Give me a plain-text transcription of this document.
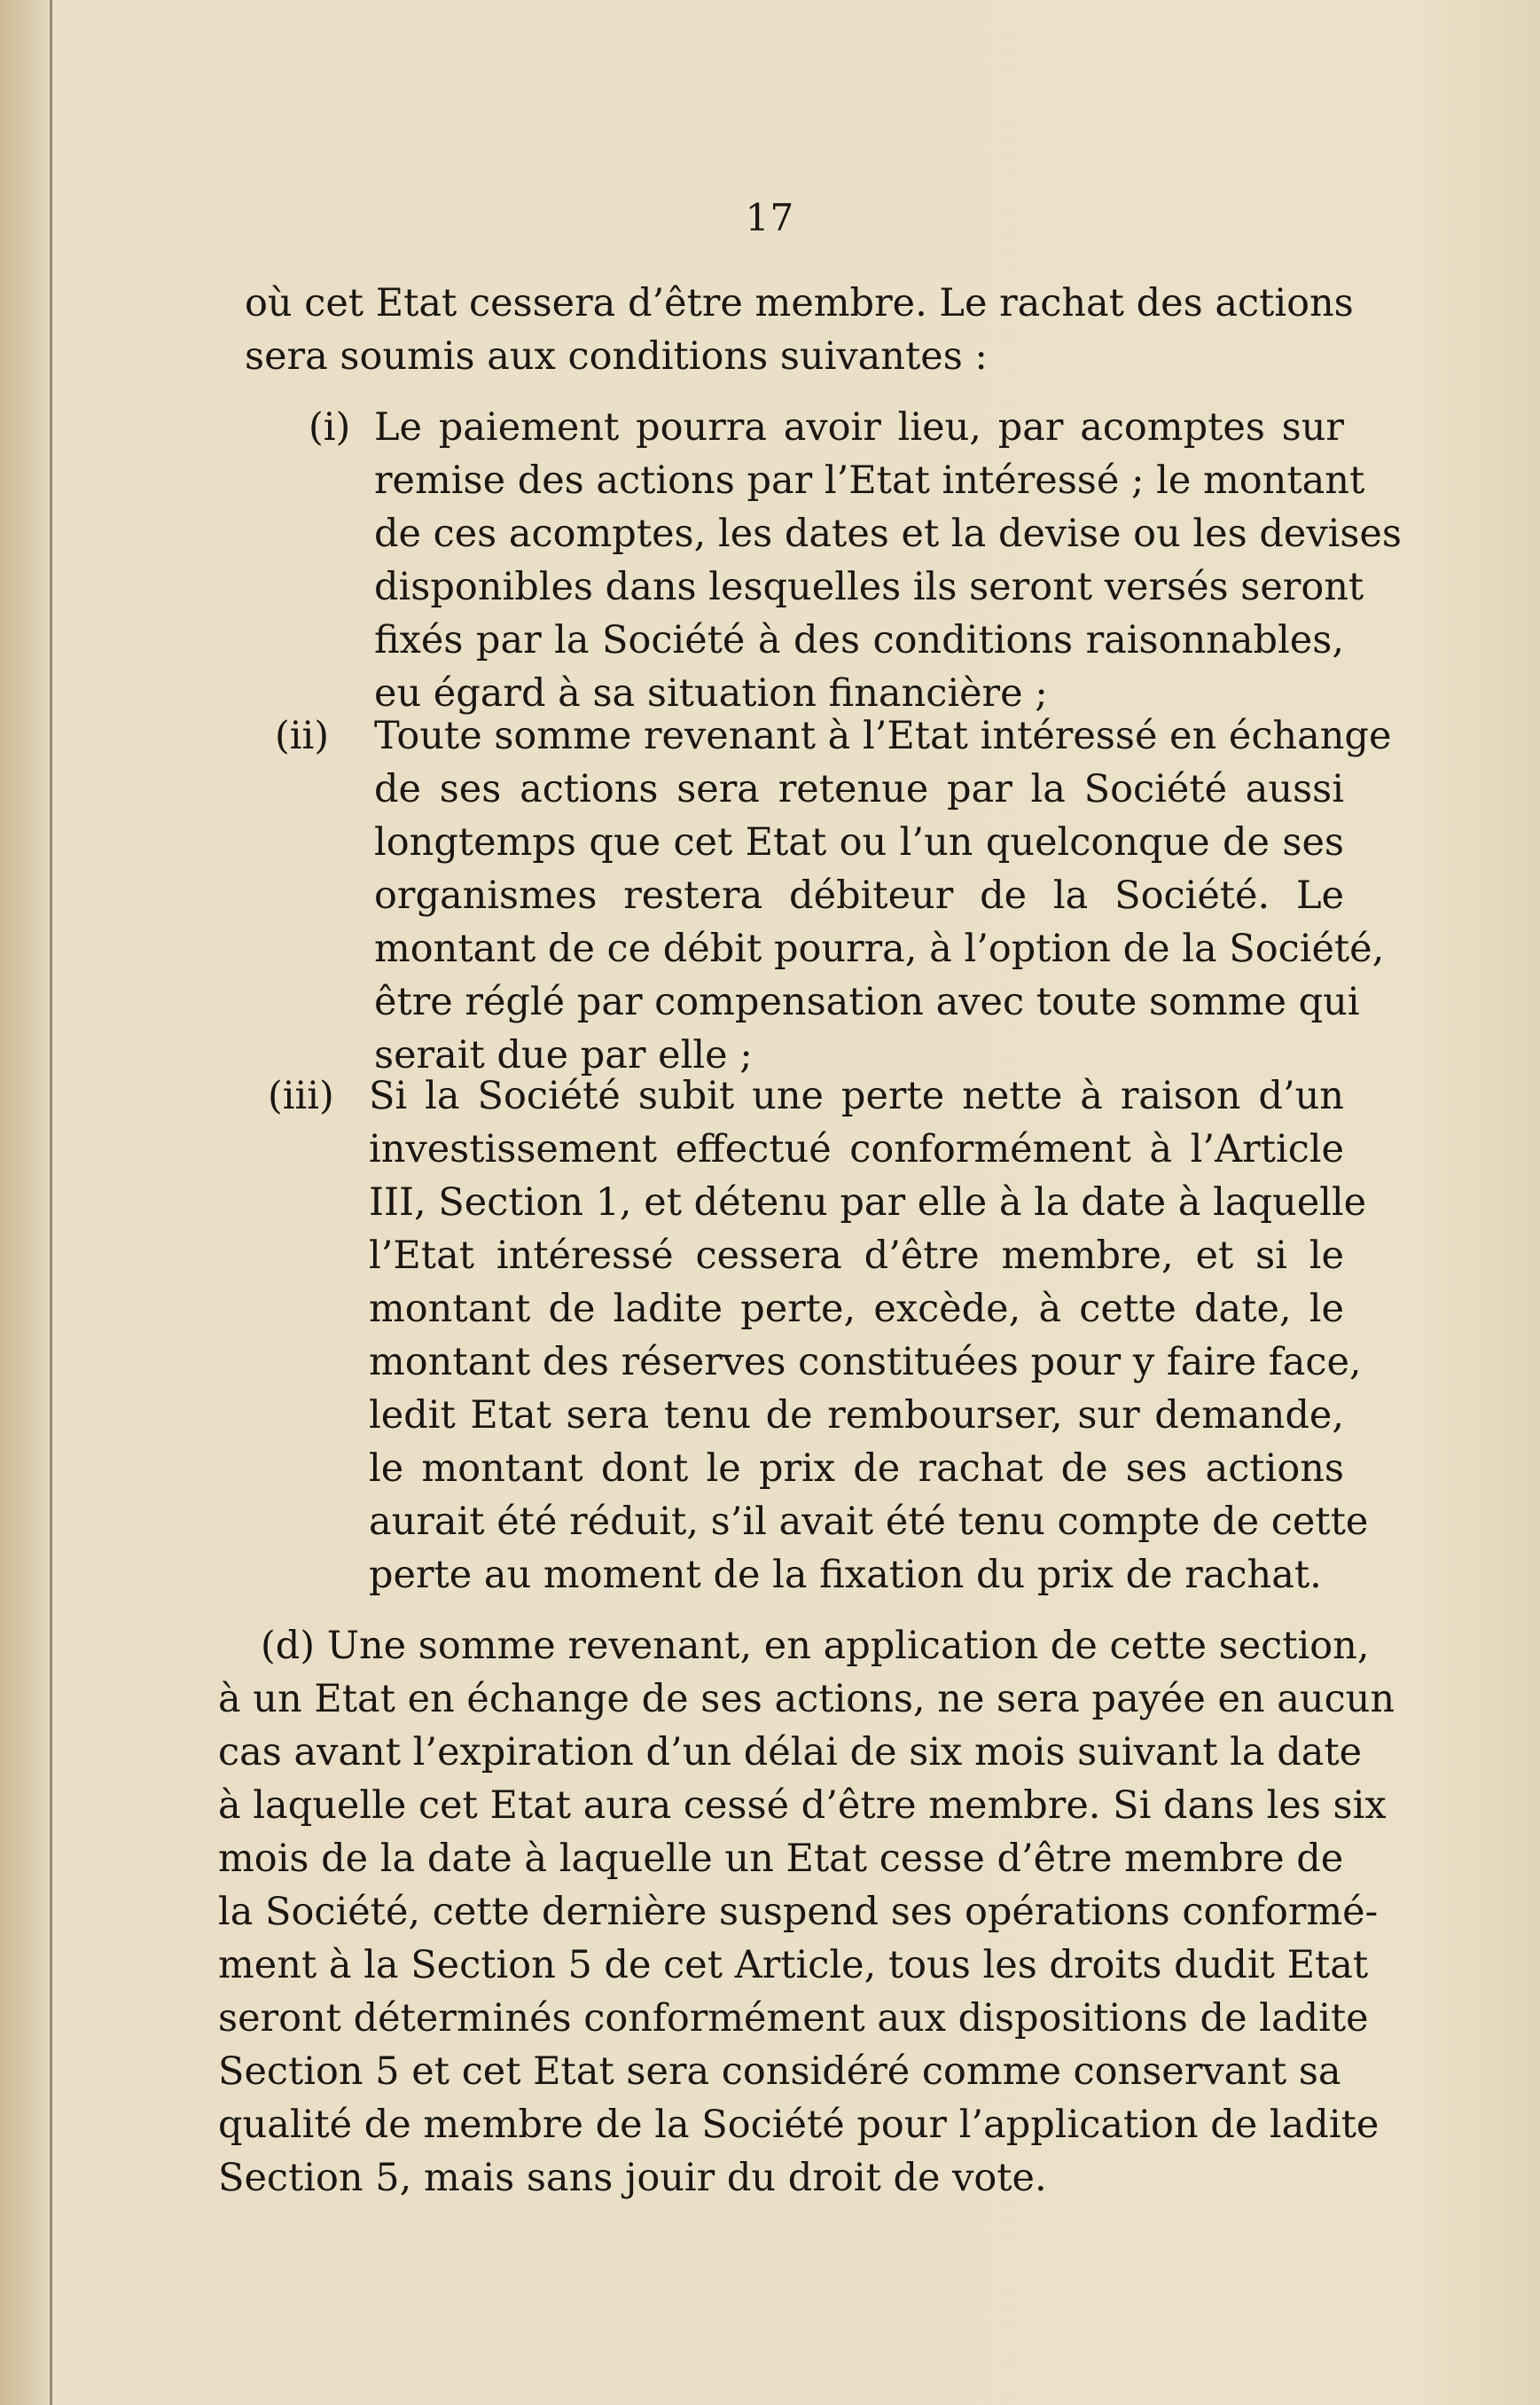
17
où cet Etat cessera d’être membre. Le rachat des actions
sera soumis aux conditions suivantes :
(i) Le paiement pourra avoir lieu, par acomptes sur
remise des actions par l’Etat intéressé ; le montant
de ces acomptes, les dates et la devise ou les devises
disponibles dans lesquelles ils seront versés seront
fixés par la Société à des conditions raisonnables,
eu égard à sa situation financière ;
(ii)	Toute somme revenant à l’Etat intéressé en échange
de ses actions sera retenue par la Société aussi
longtemps que cet Etat ou l’un quelconque de ses
organismes restera débiteur de la Société. Le
montant de ce débit pourra, à l’option de la Société,
être réglé par compensation avec toute somme qui
serait due par elle ;
(iii) Si la Société subit une perte nette à raison d’un
investissement effectué conformément à l’Article
III, Section 1, et détenu par elle à la date à laquelle
l’Etat intéressé cessera d’être membre, et si le
montant de ladite perte, excède, à cette date, le
montant des réserves constituées pour y faire face,
ledit Etat sera tenu de rembourser, sur demande,
le montant dont le prix de rachat de ses actions
aurait été réduit, s’il avait été tenu compte de cette
perte au moment de la fixation du prix de rachat.
(d) Une somme revenant, en application de cette section,
à un Etat en échange de ses actions, ne sera payée en aucun
cas avant l’expiration d’un délai de six mois suivant la date
à laquelle cet Etat aura cessé d’être membre. Si dans les six
mois de la date à laquelle un Etat cesse d’être membre de
la Société, cette dernière suspend ses opérations conformé-
ment à la Section 5 de cet Article, tous les droits dudit Etat
seront déterminés conformément aux dispositions de ladite
Section 5 et cet Etat sera considéré comme conservant sa
qualité de membre de la Société pour l’application de ladite
Section 5, mais sans jouir du droit de vote.
